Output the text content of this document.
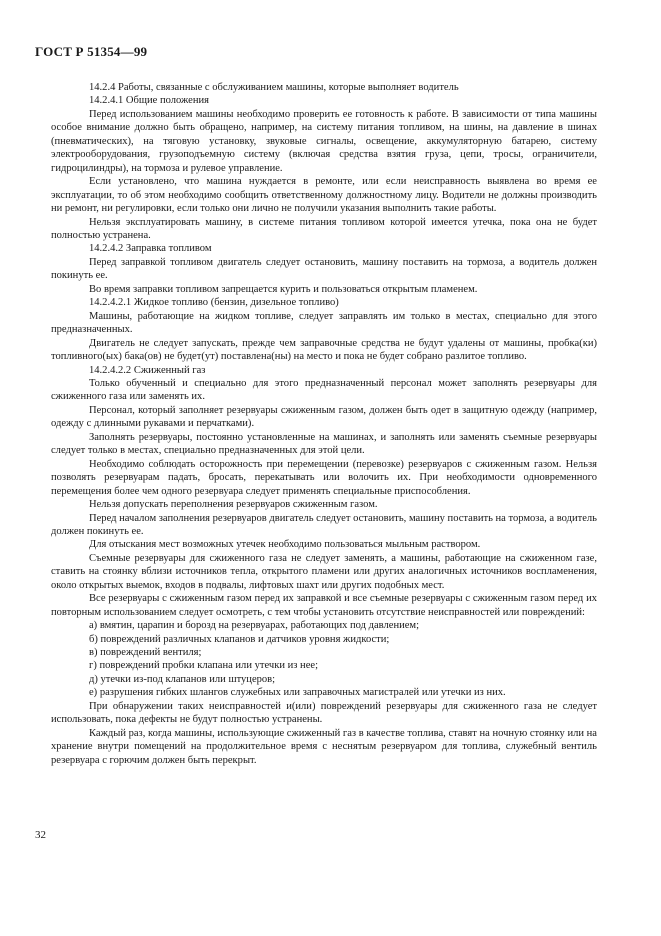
ГОСТ Р 51354—99

14.2.4 Работы, связанные с обслуживанием машины, которые выполняет водитель

14.2.4.1 Общие положения

Перед использованием машины необходимо проверить ее готовность к работе. В зависимости от типа машины особое внимание должно быть обращено, например, на систему питания топливом, на шины, на давление в шинах (пневматических), на тяговую установку, звуковые сигналы, освещение, аккумуляторную батарею, систему электрооборудования, грузоподъемную систему (включая средства взятия груза, цепи, тросы, ограничители, гидроцилиндры), на тормоза и рулевое управление.

Если установлено, что машина нуждается в ремонте, или если неисправность выявлена во время ее эксплуатации, то об этом необходимо сообщить ответственному должностному лицу. Водители не должны производить ни ремонт, ни регулировки, если только они лично не получили указания выполнить такие работы.

Нельзя эксплуатировать машину, в системе питания топливом которой имеется утечка, пока она не будет полностью устранена.

14.2.4.2 Заправка топливом

Перед заправкой топливом двигатель следует остановить, машину поставить на тормоза, а водитель должен покинуть ее.

Во время заправки топливом запрещается курить и пользоваться открытым пламенем.

14.2.4.2.1 Жидкое топливо (бензин, дизельное топливо)

Машины, работающие на жидком топливе, следует заправлять им только в местах, специально для этого предназначенных.

Двигатель не следует запускать, прежде чем заправочные средства не будут удалены от машины, пробка(ки) топливного(ых) бака(ов) не будет(ут) поставлена(ны) на место и пока не будет собрано разлитое топливо.

14.2.4.2.2 Сжиженный газ

Только обученный и специально для этого предназначенный персонал может заполнять резервуары для сжиженного газа или заменять их.

Персонал, который заполняет резервуары сжиженным газом, должен быть одет в защитную одежду (например, одежду с длинными рукавами и перчатками).

Заполнять резервуары, постоянно установленные на машинах, и заполнять или заменять съемные резервуары следует только в местах, специально предназначенных для этой цели.

Необходимо соблюдать осторожность при перемещении (перевозке) резервуаров с сжиженным газом. Нельзя позволять резервуарам падать, бросать, перекатывать или волочить их. При необходимости одновременного перемещения более чем одного резервуара следует применять специальные приспособления.

Нельзя допускать переполнения резервуаров сжиженным газом.

Перед началом заполнения резервуаров двигатель следует остановить, машину поставить на тормоза, а водитель должен покинуть ее.

Для отыскания мест возможных утечек необходимо пользоваться мыльным раствором.

Съемные резервуары для сжиженного газа не следует заменять, а машины, работающие на сжиженном газе, ставить на стоянку вблизи источников тепла, открытого пламени или других аналогичных источников воспламенения, около открытых выемок, входов в подвалы, лифтовых шахт или других подобных мест.

Все резервуары с сжиженным газом перед их заправкой и все съемные резервуары с сжиженным газом перед их повторным использованием следует осмотреть, с тем чтобы установить отсутствие неисправностей или повреждений:

а) вмятин, царапин и борозд на резервуарах, работающих под давлением;

б) повреждений различных клапанов и датчиков уровня жидкости;

в) повреждений вентиля;

г) повреждений пробки клапана или утечки из нее;

д) утечки из-под клапанов или штуцеров;

е) разрушения гибких шлангов служебных или заправочных магистралей или утечки из них.

При обнаружении таких неисправностей и(или) повреждений резервуары для сжиженного газа не следует использовать, пока дефекты не будут полностью устранены.

Каждый раз, когда машины, использующие сжиженный газ в качестве топлива, ставят на ночную стоянку или на хранение внутри помещений на продолжительное время с неснятым резервуаром для топлива, служебный вентиль резервуара с горючим должен быть перекрыт.

32
